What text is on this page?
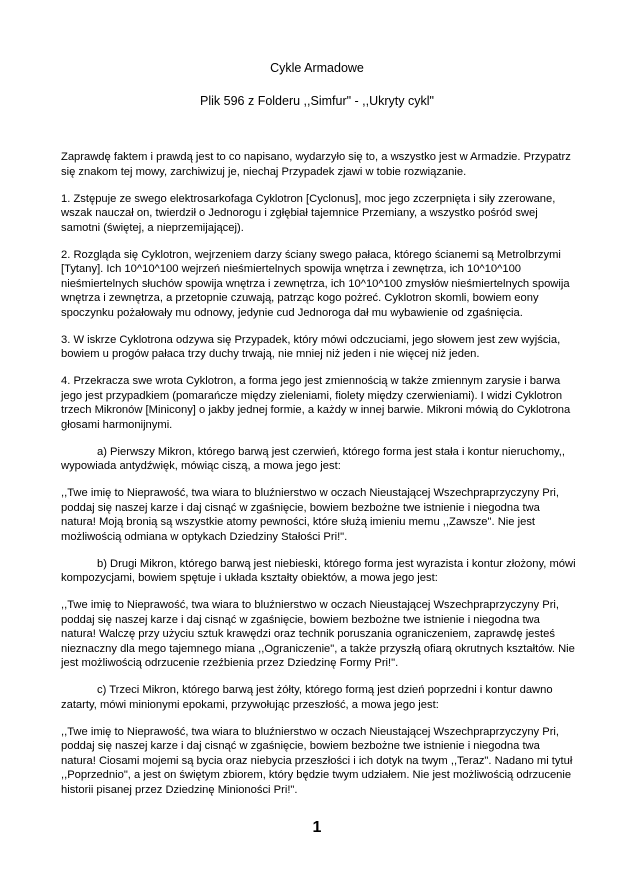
Cykle Armadowe
Plik 596 z Folderu ,,Simfur" - ,,Ukryty cykl"

Zaprawdę faktem i prawdą jest to co napisano, wydarzyło się to, a wszystko jest w Armadzie. Przypatrz się znakom tej mowy, zarchiwizuj je, niechaj Przypadek zjawi w tobie rozwiązanie.

1. Zstępuje ze swego elektrosarkofaga Cyklotron [Cyclonus], moc jego zczerpnięta i siły zzerowane, wszak nauczał on, twierdził o Jednorogu i zgłębiał tajemnice Przemiany, a wszystko pośród swej samotni (świętej, a nieprzemijającej).

2. Rozgląda się Cyklotron, wejrzeniem darzy ściany swego pałaca, którego ścianemi są Metrolbrzymi [Tytany]. Ich 10^10^100 wejrzeń nieśmiertelnych spowija wnętrza i zewnętrza, ich 10^10^100 nieśmiertelnych słuchów spowija wnętrza i zewnętrza, ich 10^10^100 zmysłów nieśmiertelnych spowija wnętrza i zewnętrza, a przetopnie czuwają, patrząc kogo pożreć. Cyklotron skomli, bowiem eony spoczynku pożałowały mu odnowy, jedynie cud Jednoroga dał mu wybawienie od zgaśnięcia.

3. W iskrze Cyklotrona odzywa się Przypadek, który mówi odczuciami, jego słowem jest zew wyjścia, bowiem u progów pałaca trzy duchy trwają, nie mniej niż jeden i nie więcej niż jeden.

4. Przekracza swe wrota Cyklotron, a forma jego jest zmiennością w także zmiennym zarysie i barwa jego jest przypadkiem (pomarańcze między zieleniami, fiolety między czerwieniami). I widzi Cyklotron trzech Mikronów [Minicony] o jakby jednej formie, a każdy w innej barwie. Mikroni mówią do Cyklotrona głosami harmonijnymi.

a) Pierwszy Mikron, którego barwą jest czerwień, którego forma jest stała i kontur nieruchomy,, wypowiada antydźwięk, mówiąc ciszą, a mowa jego jest:

,,Twe imię to Nieprawość, twa wiara to bluźnierstwo w oczach Nieustającej Wszechpraprzyczyny Pri, poddaj się naszej karze i daj cisnąć w zgaśnięcie, bowiem bezbożne twe istnienie i niegodna twa natura! Moją bronią są wszystkie atomy pewności, które służą imieniu memu ,,Zawsze". Nie jest możliwością odmiana w optykach Dziedziny Stałości Pri!".

b) Drugi Mikron, którego barwą jest niebieski, którego forma jest wyrazista i kontur złożony, mówi kompozycjami, bowiem spętuje i układa kształty obiektów, a mowa jego jest:

,,Twe imię to Nieprawość, twa wiara to bluźnierstwo w oczach Nieustającej Wszechpraprzyczyny Pri, poddaj się naszej karze i daj cisnąć w zgaśnięcie, bowiem bezbożne twe istnienie i niegodna twa natura! Walczę przy użyciu sztuk krawędzi oraz technik poruszania ograniczeniem, zaprawdę jesteś nieznaczny dla mego tajemnego miana ,,Ograniczenie", a także przyszłą ofiarą okrutnych kształtów. Nie jest możliwością odrzucenie rzeźbienia przez Dziedzinę Formy Pri!".

c) Trzeci Mikron, którego barwą jest żółty, którego formą jest dzień poprzedni i kontur dawno zatarty, mówi minionymi epokami, przywołując przeszłość, a mowa jego jest:

,,Twe imię to Nieprawość, twa wiara to bluźnierstwo w oczach Nieustającej Wszechpraprzyczyny Pri, poddaj się naszej karze i daj cisnąć w zgaśnięcie, bowiem bezbożne twe istnienie i niegodna twa natura! Ciosami mojemi są bycia oraz niebycia przeszłości i ich dotyk na twym ,,Teraz". Nadano mi tytuł ,,Poprzednio", a jest on świętym zbiorem, który będzie twym udziałem. Nie jest możliwością odrzucenie historii pisanej przez Dziedzinę Minioności Pri!".

1
